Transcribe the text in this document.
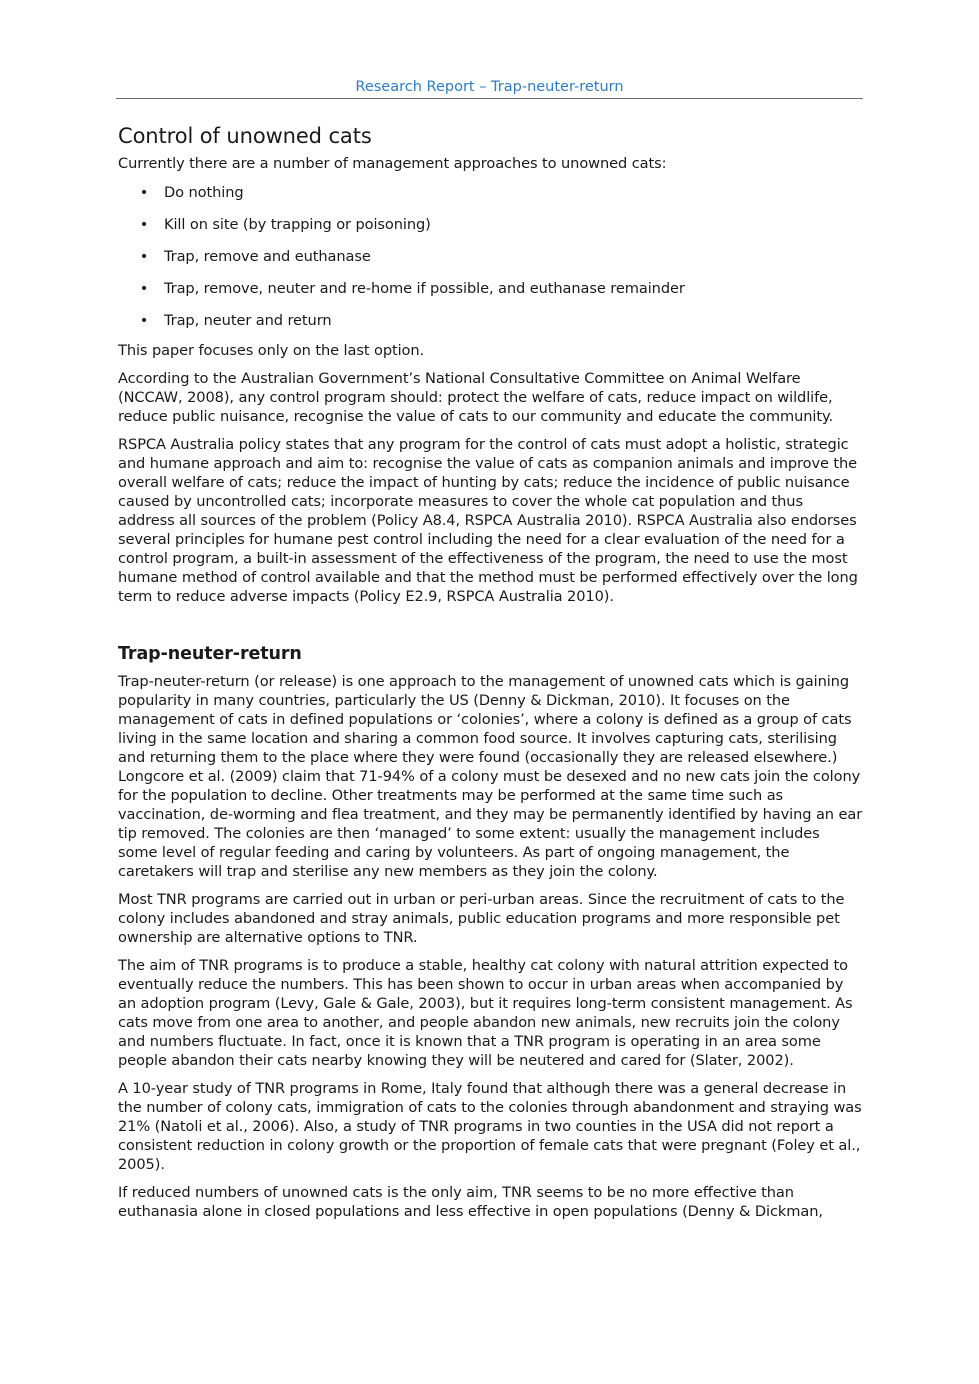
Research Report – Trap-neuter-return
Control of unowned cats

Currently there are a number of management approaches to unowned cats:

• Do nothing
• Kill on site (by trapping or poisoning)
• Trap, remove and euthanase
• Trap, remove, neuter and re-home if possible, and euthanase remainder
• Trap, neuter and return

This paper focuses only on the last option.

According to the Australian Government’s National Consultative Committee on Animal Welfare (NCCAW, 2008), any control program should: protect the welfare of cats, reduce impact on wildlife, reduce public nuisance, recognise the value of cats to our community and educate the community.

RSPCA Australia policy states that any program for the control of cats must adopt a holistic, strategic and humane approach and aim to: recognise the value of cats as companion animals and improve the overall welfare of cats; reduce the impact of hunting by cats; reduce the incidence of public nuisance caused by uncontrolled cats; incorporate measures to cover the whole cat population and thus address all sources of the problem (Policy A8.4, RSPCA Australia 2010). RSPCA Australia also endorses several principles for humane pest control including the need for a clear evaluation of the need for a control program, a built-in assessment of the effectiveness of the program, the need to use the most humane method of control available and that the method must be performed effectively over the long term to reduce adverse impacts (Policy E2.9, RSPCA Australia 2010).

Trap-neuter-return

Trap-neuter-return (or release) is one approach to the management of unowned cats which is gaining popularity in many countries, particularly the US (Denny & Dickman, 2010). It focuses on the management of cats in defined populations or ‘colonies’, where a colony is defined as a group of cats living in the same location and sharing a common food source. It involves capturing cats, sterilising and returning them to the place where they were found (occasionally they are released elsewhere.) Longcore et al. (2009) claim that 71-94% of a colony must be desexed and no new cats join the colony for the population to decline. Other treatments may be performed at the same time such as vaccination, de-worming and flea treatment, and they may be permanently identified by having an ear tip removed. The colonies are then ‘managed’ to some extent: usually the management includes some level of regular feeding and caring by volunteers. As part of ongoing management, the caretakers will trap and sterilise any new members as they join the colony.

Most TNR programs are carried out in urban or peri-urban areas. Since the recruitment of cats to the colony includes abandoned and stray animals, public education programs and more responsible pet ownership are alternative options to TNR.

The aim of TNR programs is to produce a stable, healthy cat colony with natural attrition expected to eventually reduce the numbers. This has been shown to occur in urban areas when accompanied by an adoption program (Levy, Gale & Gale, 2003), but it requires long-term consistent management. As cats move from one area to another, and people abandon new animals, new recruits join the colony and numbers fluctuate. In fact, once it is known that a TNR program is operating in an area some people abandon their cats nearby knowing they will be neutered and cared for (Slater, 2002).

A 10-year study of TNR programs in Rome, Italy found that although there was a general decrease in the number of colony cats, immigration of cats to the colonies through abandonment and straying was 21% (Natoli et al., 2006). Also, a study of TNR programs in two counties in the USA did not report a consistent reduction in colony growth or the proportion of female cats that were pregnant (Foley et al., 2005).

If reduced numbers of unowned cats is the only aim, TNR seems to be no more effective than euthanasia alone in closed populations and less effective in open populations (Denny & Dickman,
